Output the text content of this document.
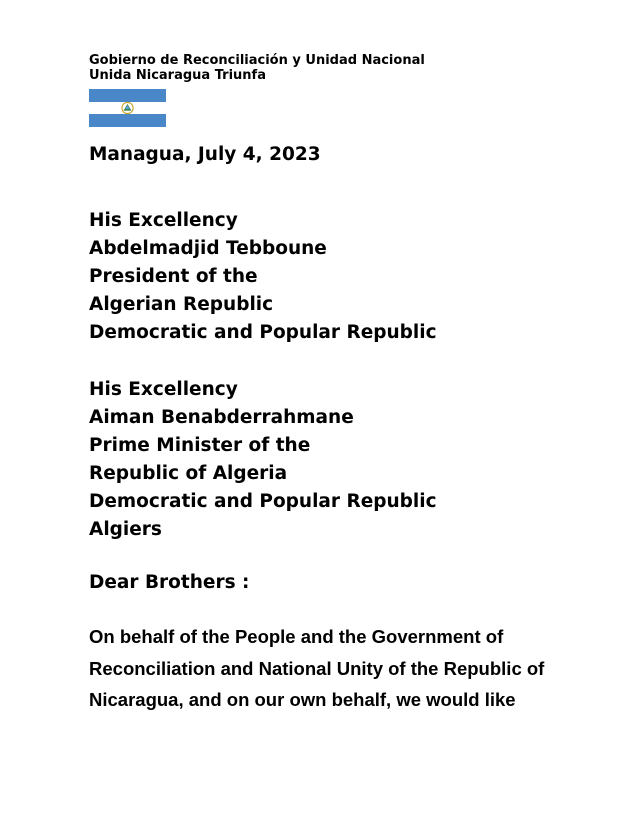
Gobierno de Reconciliación y Unidad Nacional
Unida Nicaragua Triunfa
Managua, July 4, 2023
His Excellency
Abdelmadjid Tebboune
President of the
Algerian Republic
Democratic and Popular Republic
His Excellency
Aiman Benabderrahmane
Prime Minister of the
Republic of Algeria
Democratic and Popular Republic
Algiers
Dear Brothers :
On behalf of the People and the Government of
Reconciliation and National Unity of the Republic of
Nicaragua, and on our own behalf, we would like
